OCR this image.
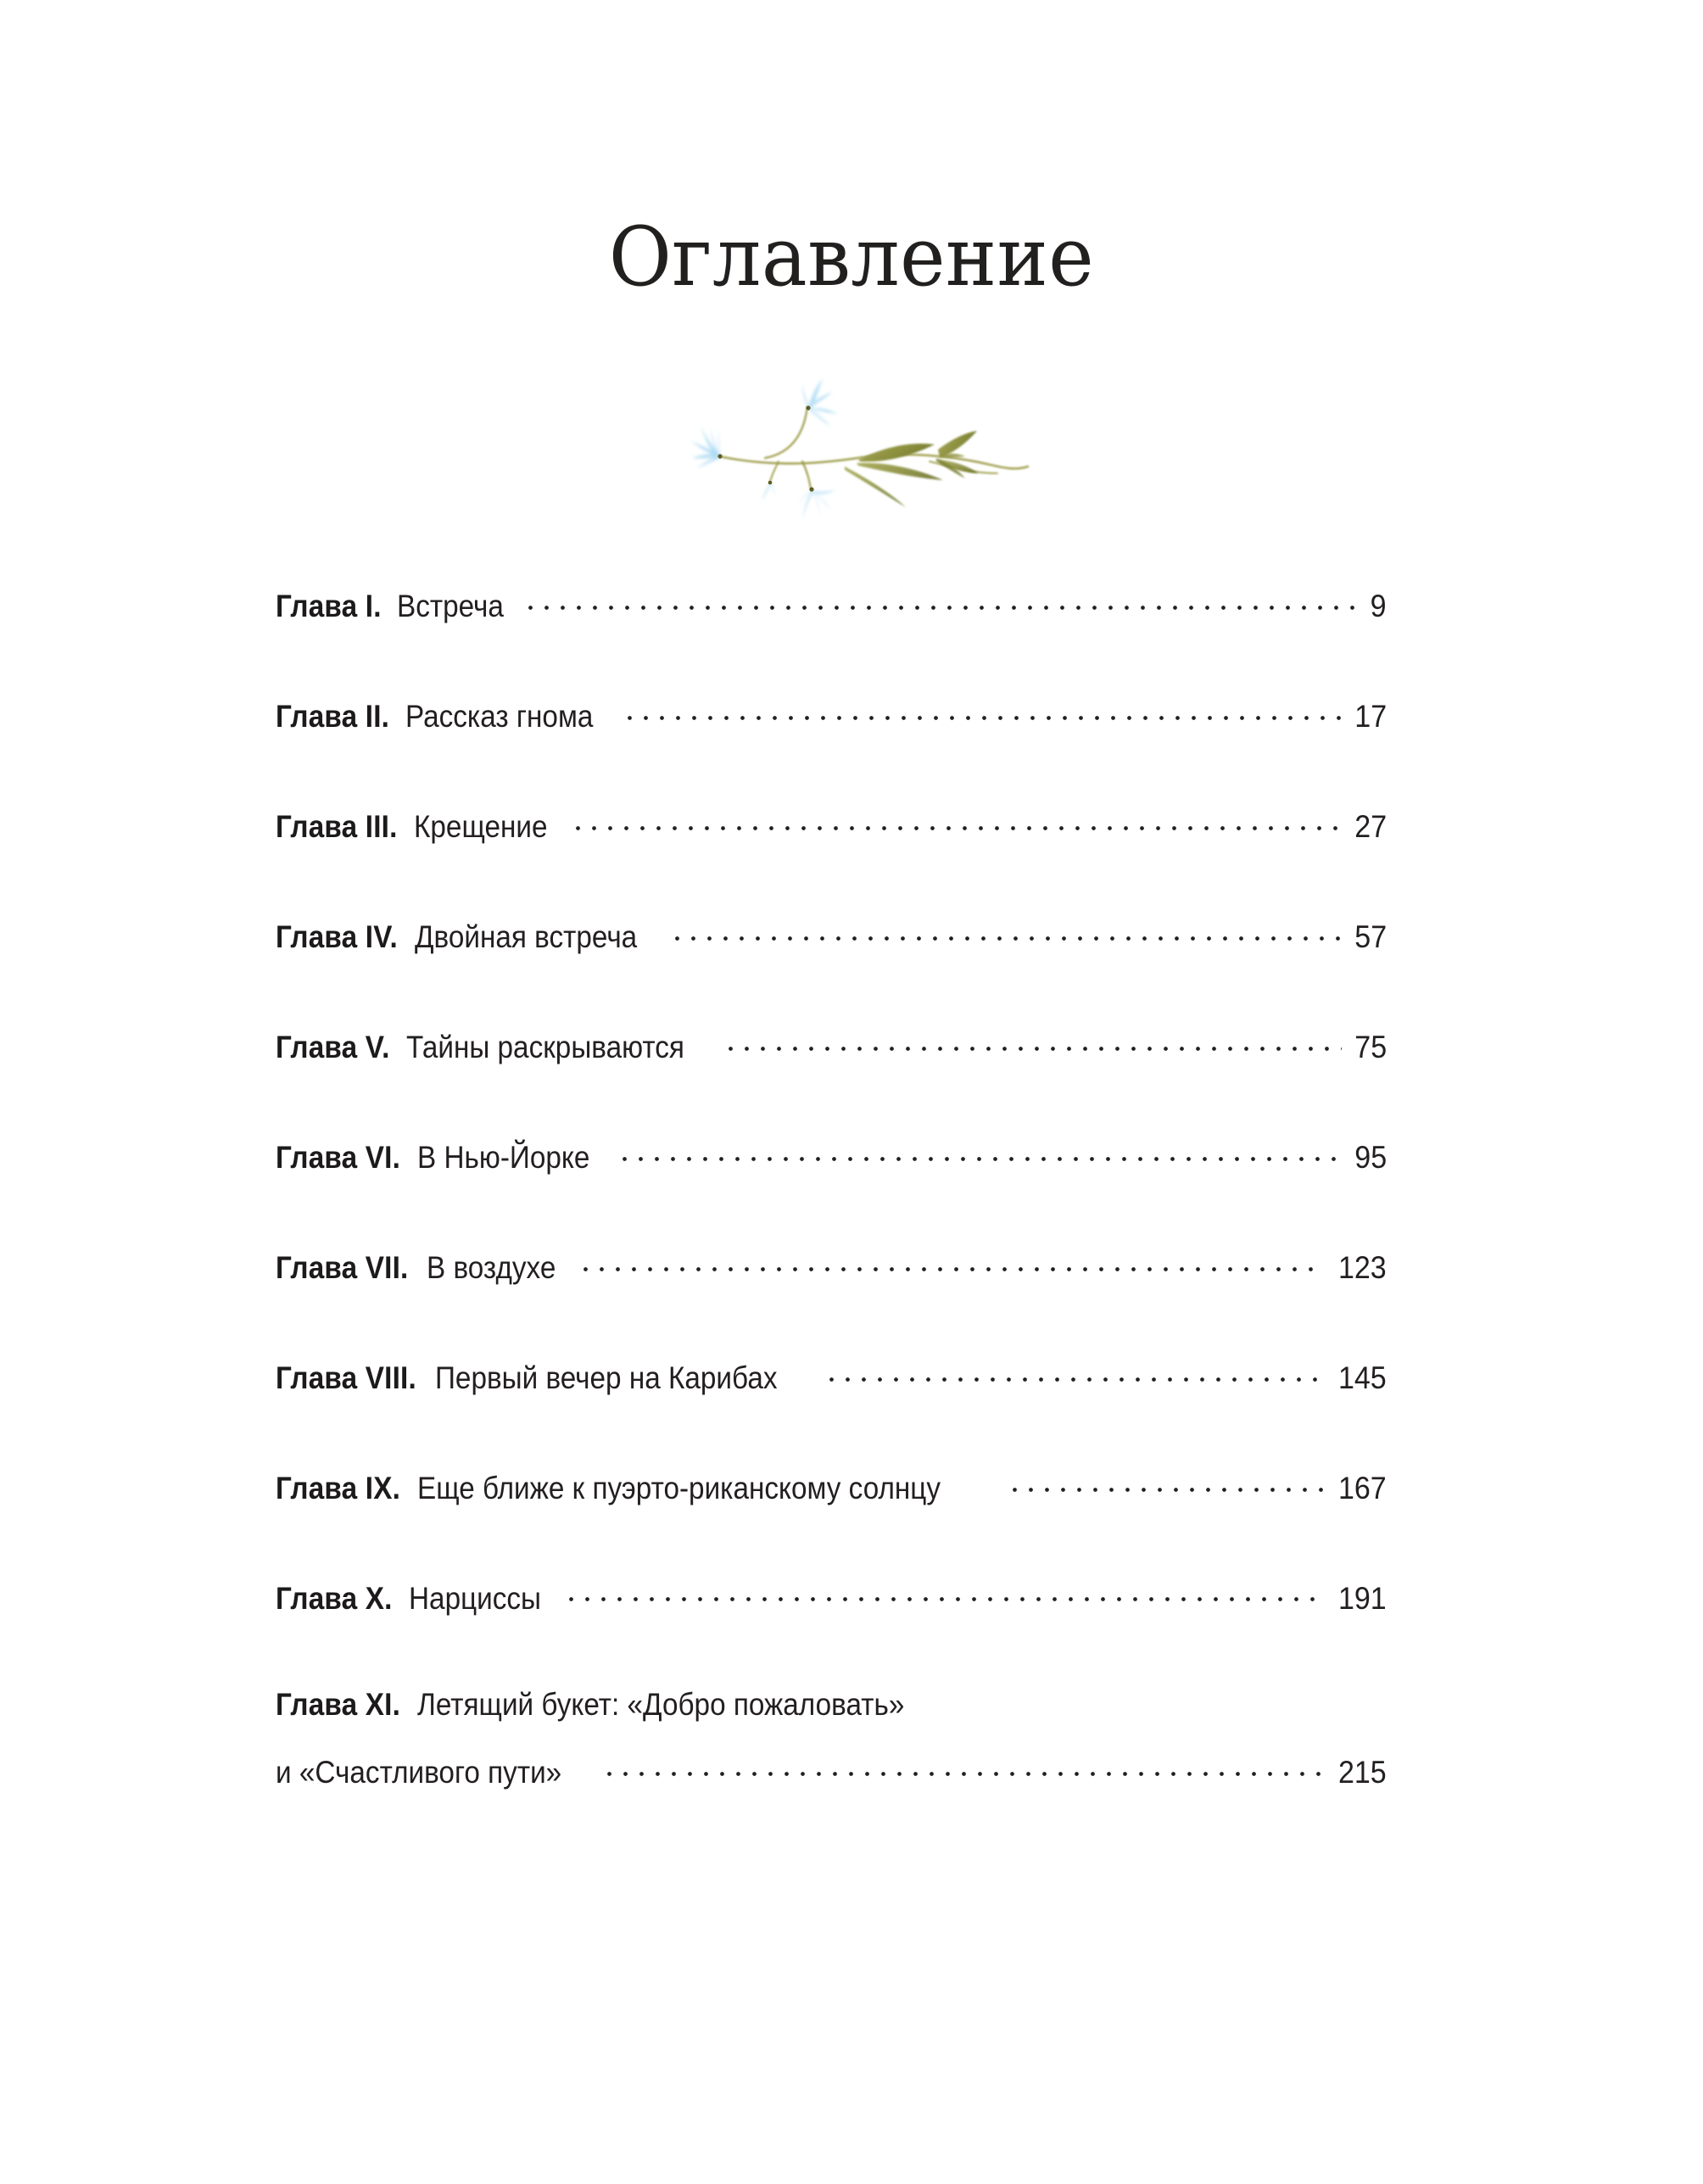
Оглавление
Глава I. Встреча	9
Глава II. Рассказ гнома	17
Глава III. Крещение	27
Глава IV. Двойная встреча	57
Глава V. Тайны раскрываются	75
Глава VI. В Нью-Йорке	95
Глава VII. В воздухе	123
Глава VIII. Первый вечер на Карибах	145
Глава IX. Еще ближе к пуэрто-риканскому солнцу	167
Глава X. Нарциссы	191
Глава XI. Летящий букет: «Добро пожаловать»
и «Счастливого пути»	215
